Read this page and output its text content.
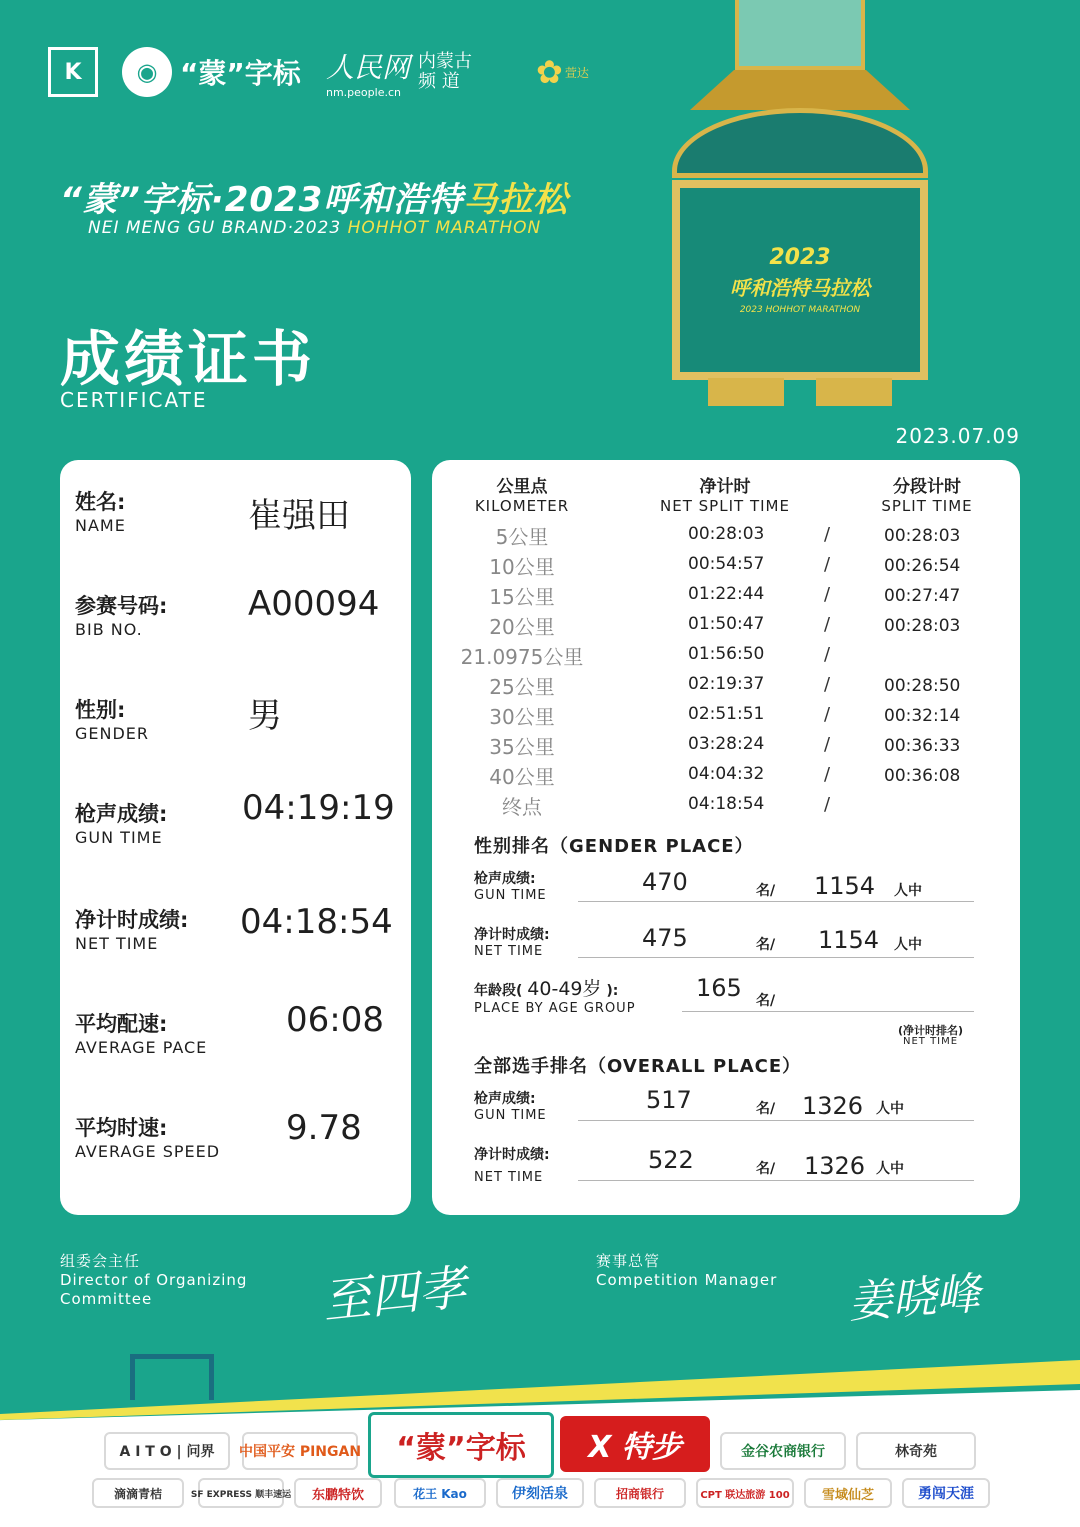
K	◉ “蒙”字标 人民网
nm.people.cn
内蒙古 频 道	✿ 萱达
“蒙”字标·2023呼和浩特马拉松
NEI MENG GU BRAND·2023 HOHHOT MARATHON
成绩证书
CERTIFICATE
2023.07.09
2023
呼和浩特马拉松
2023 HOHHOT MARATHON
姓名:
NAME	崔强田
参赛号码:
BIB NO.
A00094
性别:
GENDER	男
枪声成绩:
GUN TIME
04:19:19
净计时成绩:
NET TIME
04:18:54
平均配速:
AVERAGE PACE
06:08
平均时速:
AVERAGE SPEED
9.78
公里点
KILOMETER
净计时
NET SPLIT TIME
分段计时
SPLIT TIME
5公里	00:28:03	/	00:28:03
10公里	00:54:57	/	00:26:54
15公里	01:22:44	/	00:27:47
20公里	01:50:47	/	00:28:03
21.0975公里	01:56:50	/
25公里	02:19:37	/	00:28:50
30公里	02:51:51	/	00:32:14
35公里	03:28:24	/	00:36:33
40公里	04:04:32	/	00:36:08
终点	04:18:54	/
性别排名（GENDER PLACE）
枪声成绩:
GUN TIME	470	名/ 1154 人中
净计时成绩:
NET TIME	475	名/ 1154 人中
年龄段( 40-49岁 ):
PLACE BY AGE GROUP
165 名/
(净计时排名)
NET TIME
全部选手排名（OVERALL PLACE）
枪声成绩:
GUN TIME
517	名/ 1326 人中
净计时成绩:
NET TIME
522	名/ 1326 人中
组委会主任
Director of Organizing
Committee	至四孝	赛事总管
Competition Manager 姜晓峰
A I T O | 问界	中国平安 PINGAN	“蒙”字标	X 特步	金谷农商银行	林奇苑
滴滴青桔	SF EXPRESS 顺丰速运	东鹏特饮	花王 Kao	伊刻活泉	招商银行	CPT 联达旅游 100	雪域仙芝	勇闯天涯
